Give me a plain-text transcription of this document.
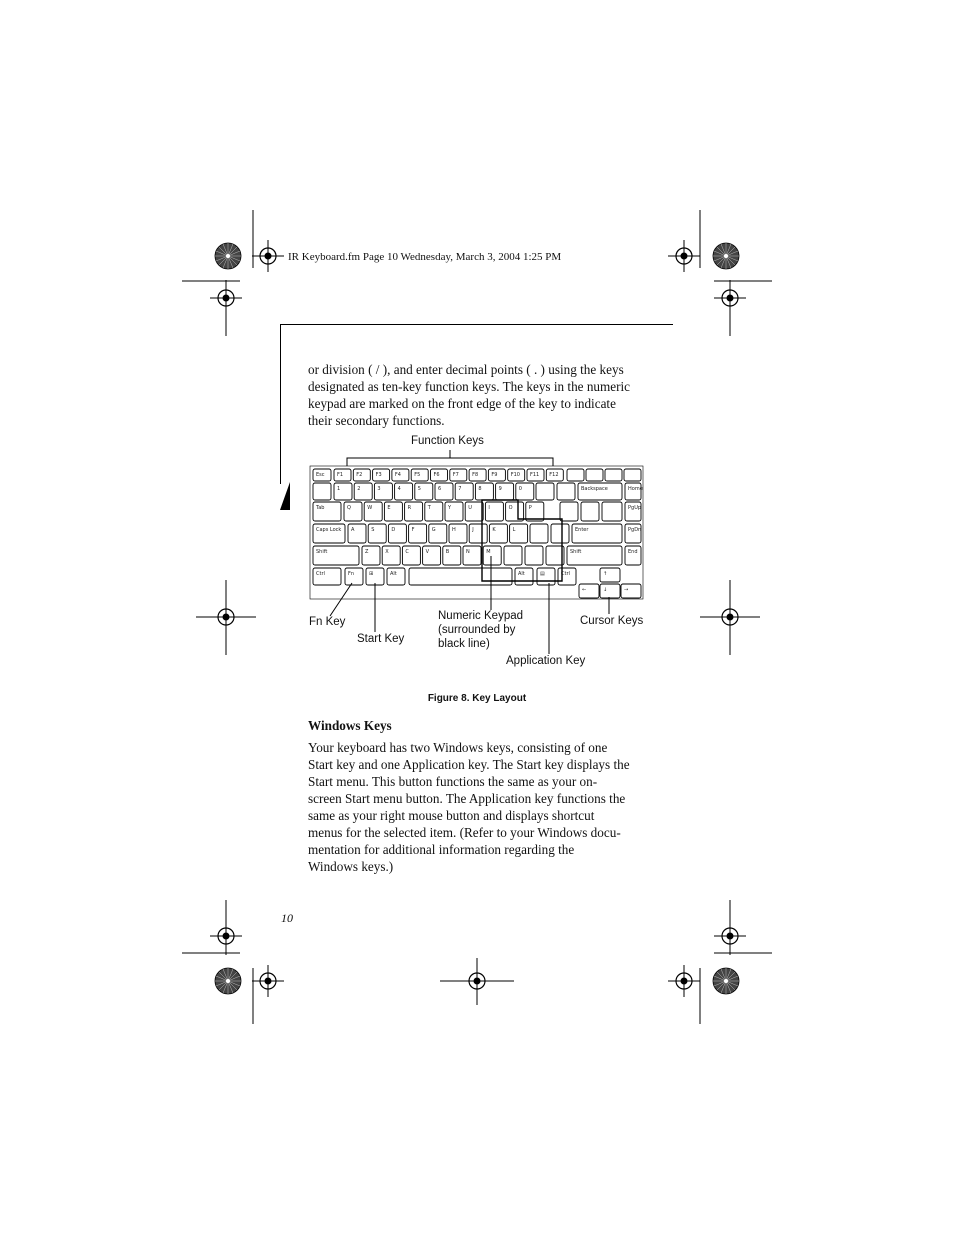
IR Keyboard.fm Page 10 Wednesday, March 3, 2004 1:25 PM
or division ( / ), and enter decimal points ( . ) using the keys
designated as ten-key function keys. The keys in the numeric
keypad are marked on the front edge of the key to indicate
their secondary functions.
Esc F1	F2	F3	F4	F5	F6	F7	F8	F9	F10 F11 F12
1	2	3	4	5	6	7	8	9	0	Backspace	Home
Tab	Q	W	E	R	T	Y	U	I	O	P	PgUp
Caps Lock A	S	D	F	G	H	J	K	L	Enter	PgDn
Shift	Z	X	C	V	B	N	M	Shift	End
Ctrl	Fn	⊞	Alt	Alt	▤	Ctrl	↑
←	↓	→
Function Keys
Fn Key
Start Key
Numeric Keypad
(surrounded by
black line)
Cursor Keys
Application Key
Figure 8. Key Layout
Windows Keys
Your keyboard has two Windows keys, consisting of one
Start key and one Application key. The Start key displays the
Start menu. This button functions the same as your on-
screen Start menu button. The Application key functions the
same as your right mouse button and displays shortcut
menus for the selected item. (Refer to your Windows docu-
mentation for additional information regarding the
Windows keys.)
10
